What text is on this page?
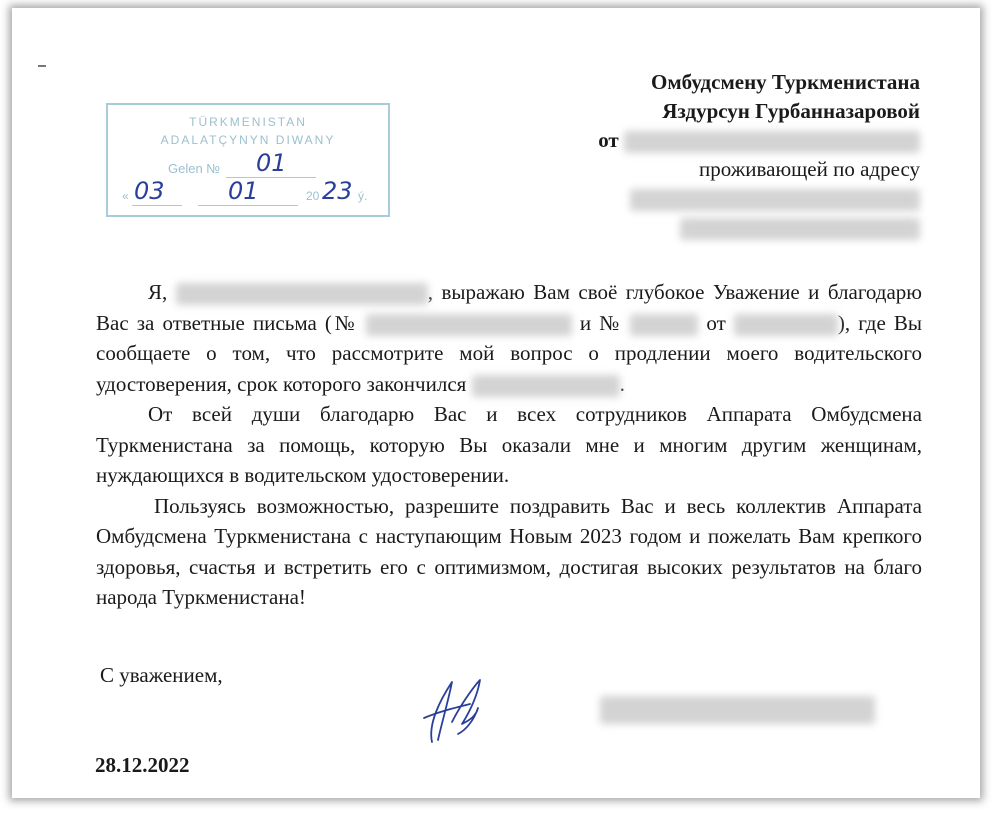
Омбудсмену Туркменистана
Яздурсун Гурбанназаровой
от
проживающей по адресу
TÜRKMENISTAN
ADALATÇYNYN DIWANY
Gelen № 01
« 03	01	20 23 ý.

Я,	, выражаю Вам своё глубокое Уважение и благодарю Вас за ответные письма (№	и №	от	), где Вы сообщаете о том, что рассмотрите мой вопрос о продлении моего водительского удостоверения, срок которого закончился	.

От всей души благодарю Вас и всех сотрудников Аппарата Омбудсмена Туркменистана за помощь, которую Вы оказали мне и многим другим женщинам, нуждающихся в водительском удостоверении.

Пользуясь возможностью, разрешите поздравить Вас и весь коллектив Аппарата Омбудсмена Туркменистана с наступающим Новым 2023 годом и пожелать Вам крепкого здоровья, счастья и встретить его с оптимизмом, достигая высоких результатов на благо народа Туркменистана!

С уважением,
28.12.2022
